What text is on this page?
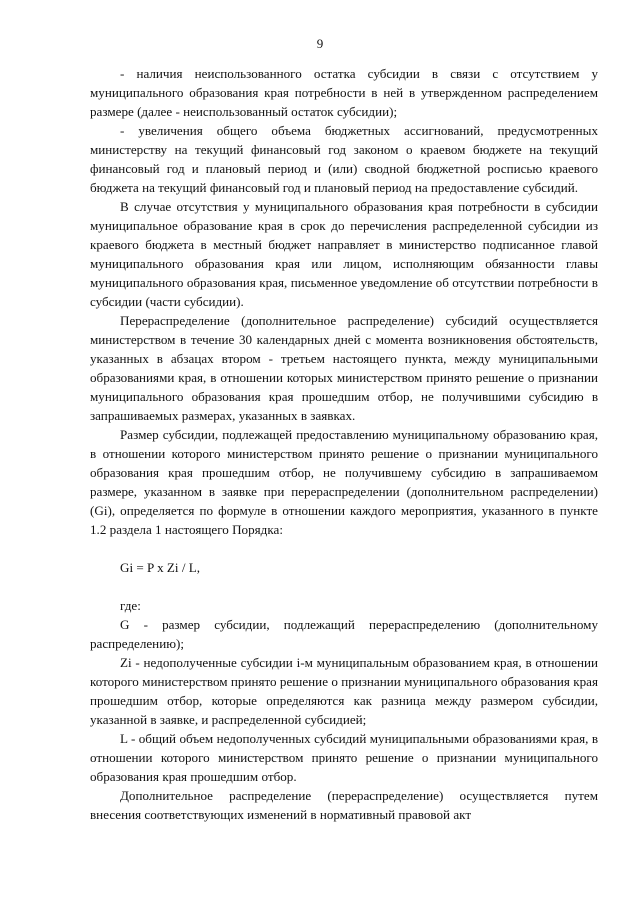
9

- наличия неиспользованного остатка субсидии в связи с отсутствием у муниципального образования края потребности в ней в утвержденном распределением размере (далее - неиспользованный остаток субсидии);

- увеличения общего объема бюджетных ассигнований, предусмотренных министерству на текущий финансовый год законом о краевом бюджете на текущий финансовый год и плановый период и (или) сводной бюджетной росписью краевого бюджета на текущий финансовый год и плановый период на предоставление субсидий.

В случае отсутствия у муниципального образования края потребности в субсидии муниципальное образование края в срок до перечисления распределенной субсидии из краевого бюджета в местный бюджет направляет в министерство подписанное главой муниципального образования края или лицом, исполняющим обязанности главы муниципального образования края, письменное уведомление об отсутствии потребности в субсидии (части субсидии).

Перераспределение (дополнительное распределение) субсидий осуществляется министерством в течение 30 календарных дней с момента возникновения обстоятельств, указанных в абзацах втором - третьем настоящего пункта, между муниципальными образованиями края, в отношении которых министерством принято решение о признании муниципального образования края прошедшим отбор, не получившими субсидию в запрашиваемых размерах, указанных в заявках.

Размер субсидии, подлежащей предоставлению муниципальному образованию края, в отношении которого министерством принято решение о признании муниципального образования края прошедшим отбор, не получившему субсидию в запрашиваемом размере, указанном в заявке при перераспределении (дополнительном распределении) (Gi), определяется по формуле в отношении каждого мероприятия, указанного в пункте 1.2 раздела 1 настоящего Порядка:

Gi = P x Zi / L,

где:

G - размер субсидии, подлежащий перераспределению (дополнительному распределению);

Zi - недополученные субсидии i-м муниципальным образованием края, в отношении которого министерством принято решение о признании муниципального образования края прошедшим отбор, которые определяются как разница между размером субсидии, указанной в заявке, и распределенной субсидией;

L - общий объем недополученных субсидий муниципальными образованиями края, в отношении которого министерством принято решение о признании муниципального образования края прошедшим отбор.

Дополнительное распределение (перераспределение) осуществляется путем внесения соответствующих изменений в нормативный правовой акт
